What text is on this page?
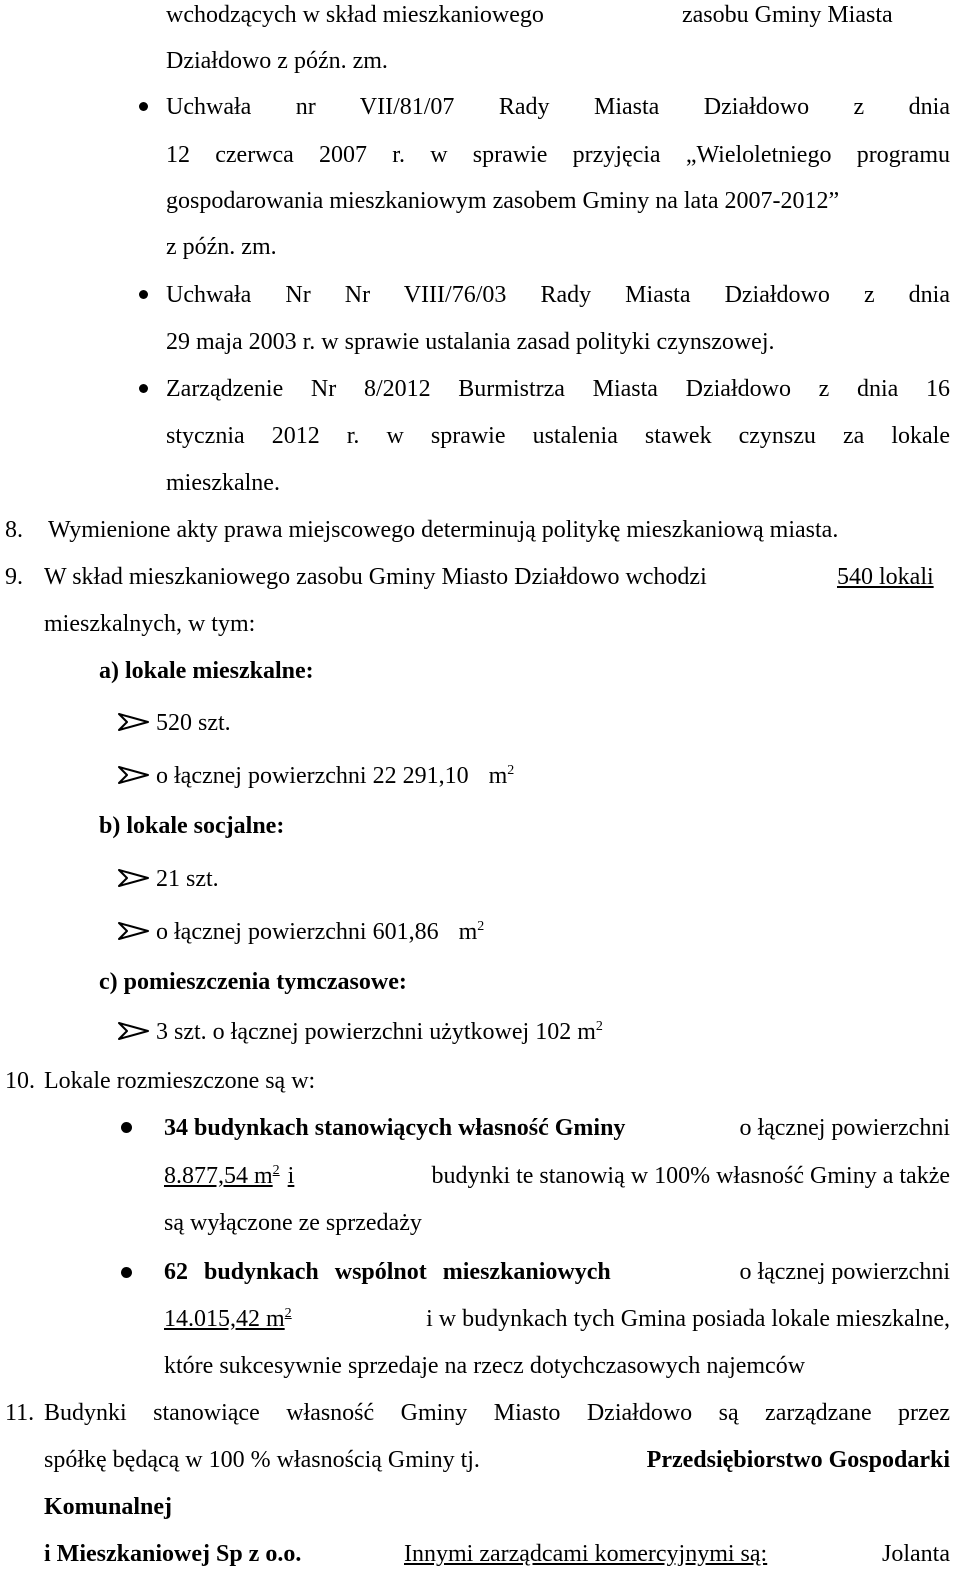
wchodzących w skład mieszkaniowego	zasobu Gminy Miasta
Działdowo z późn. zm.
Uchwała nr VII/81/07 Rady Miasta Działdowo z dnia
12 czerwca 2007 r. w sprawie przyjęcia „Wieloletniego programu
gospodarowania mieszkaniowym zasobem Gminy na lata 2007-2012”
z późn. zm.
Uchwała Nr Nr VIII/76/03 Rady Miasta Działdowo z dnia
29 maja 2003 r. w sprawie ustalania zasad polityki czynszowej.
Zarządzenie Nr 8/2012 Burmistrza Miasta Działdowo z dnia 16
stycznia 2012 r. w sprawie ustalenia stawek czynszu za lokale
mieszkalne.
8. Wymienione akty prawa miejscowego determinują politykę mieszkaniową miasta.
9. W skład mieszkaniowego zasobu Gminy Miasto Działdowo wchodzi	540 lokali
mieszkalnych, w tym:
a) lokale mieszkalne:
520 szt.
o łącznej powierzchni 22 291,10 $m^2$
b) lokale socjalne:
21 szt.
o łącznej powierzchni 601,86 $m^2$
c) pomieszczenia tymczasowe:
3 szt. o łącznej powierzchni użytkowej 102 $m^2$
10. Lokale rozmieszczone są w:
34 budynkach stanowiących własność Gminy	o łącznej powierzchni
8.877,54 $m^2$ i	budynki te stanowią w 100% własność Gminy a także
są wyłączone ze sprzedaży
62 budynkach wspólnot mieszkaniowych	o łącznej powierzchni
14.015,42 $m^2$	i w budynkach tych Gmina posiada lokale mieszkalne,
które sukcesywnie sprzedaje na rzecz dotychczasowych najemców
11. Budynki stanowiące własność Gminy Miasto Działdowo są zarządzane przez
spółkę będącą w 100 % własnością Gminy tj.	Przedsiębiorstwo Gospodarki
Komunalnej
i Mieszkaniowej Sp z o.o.	Innymi zarządcami komercyjnymi są:	Jolanta
